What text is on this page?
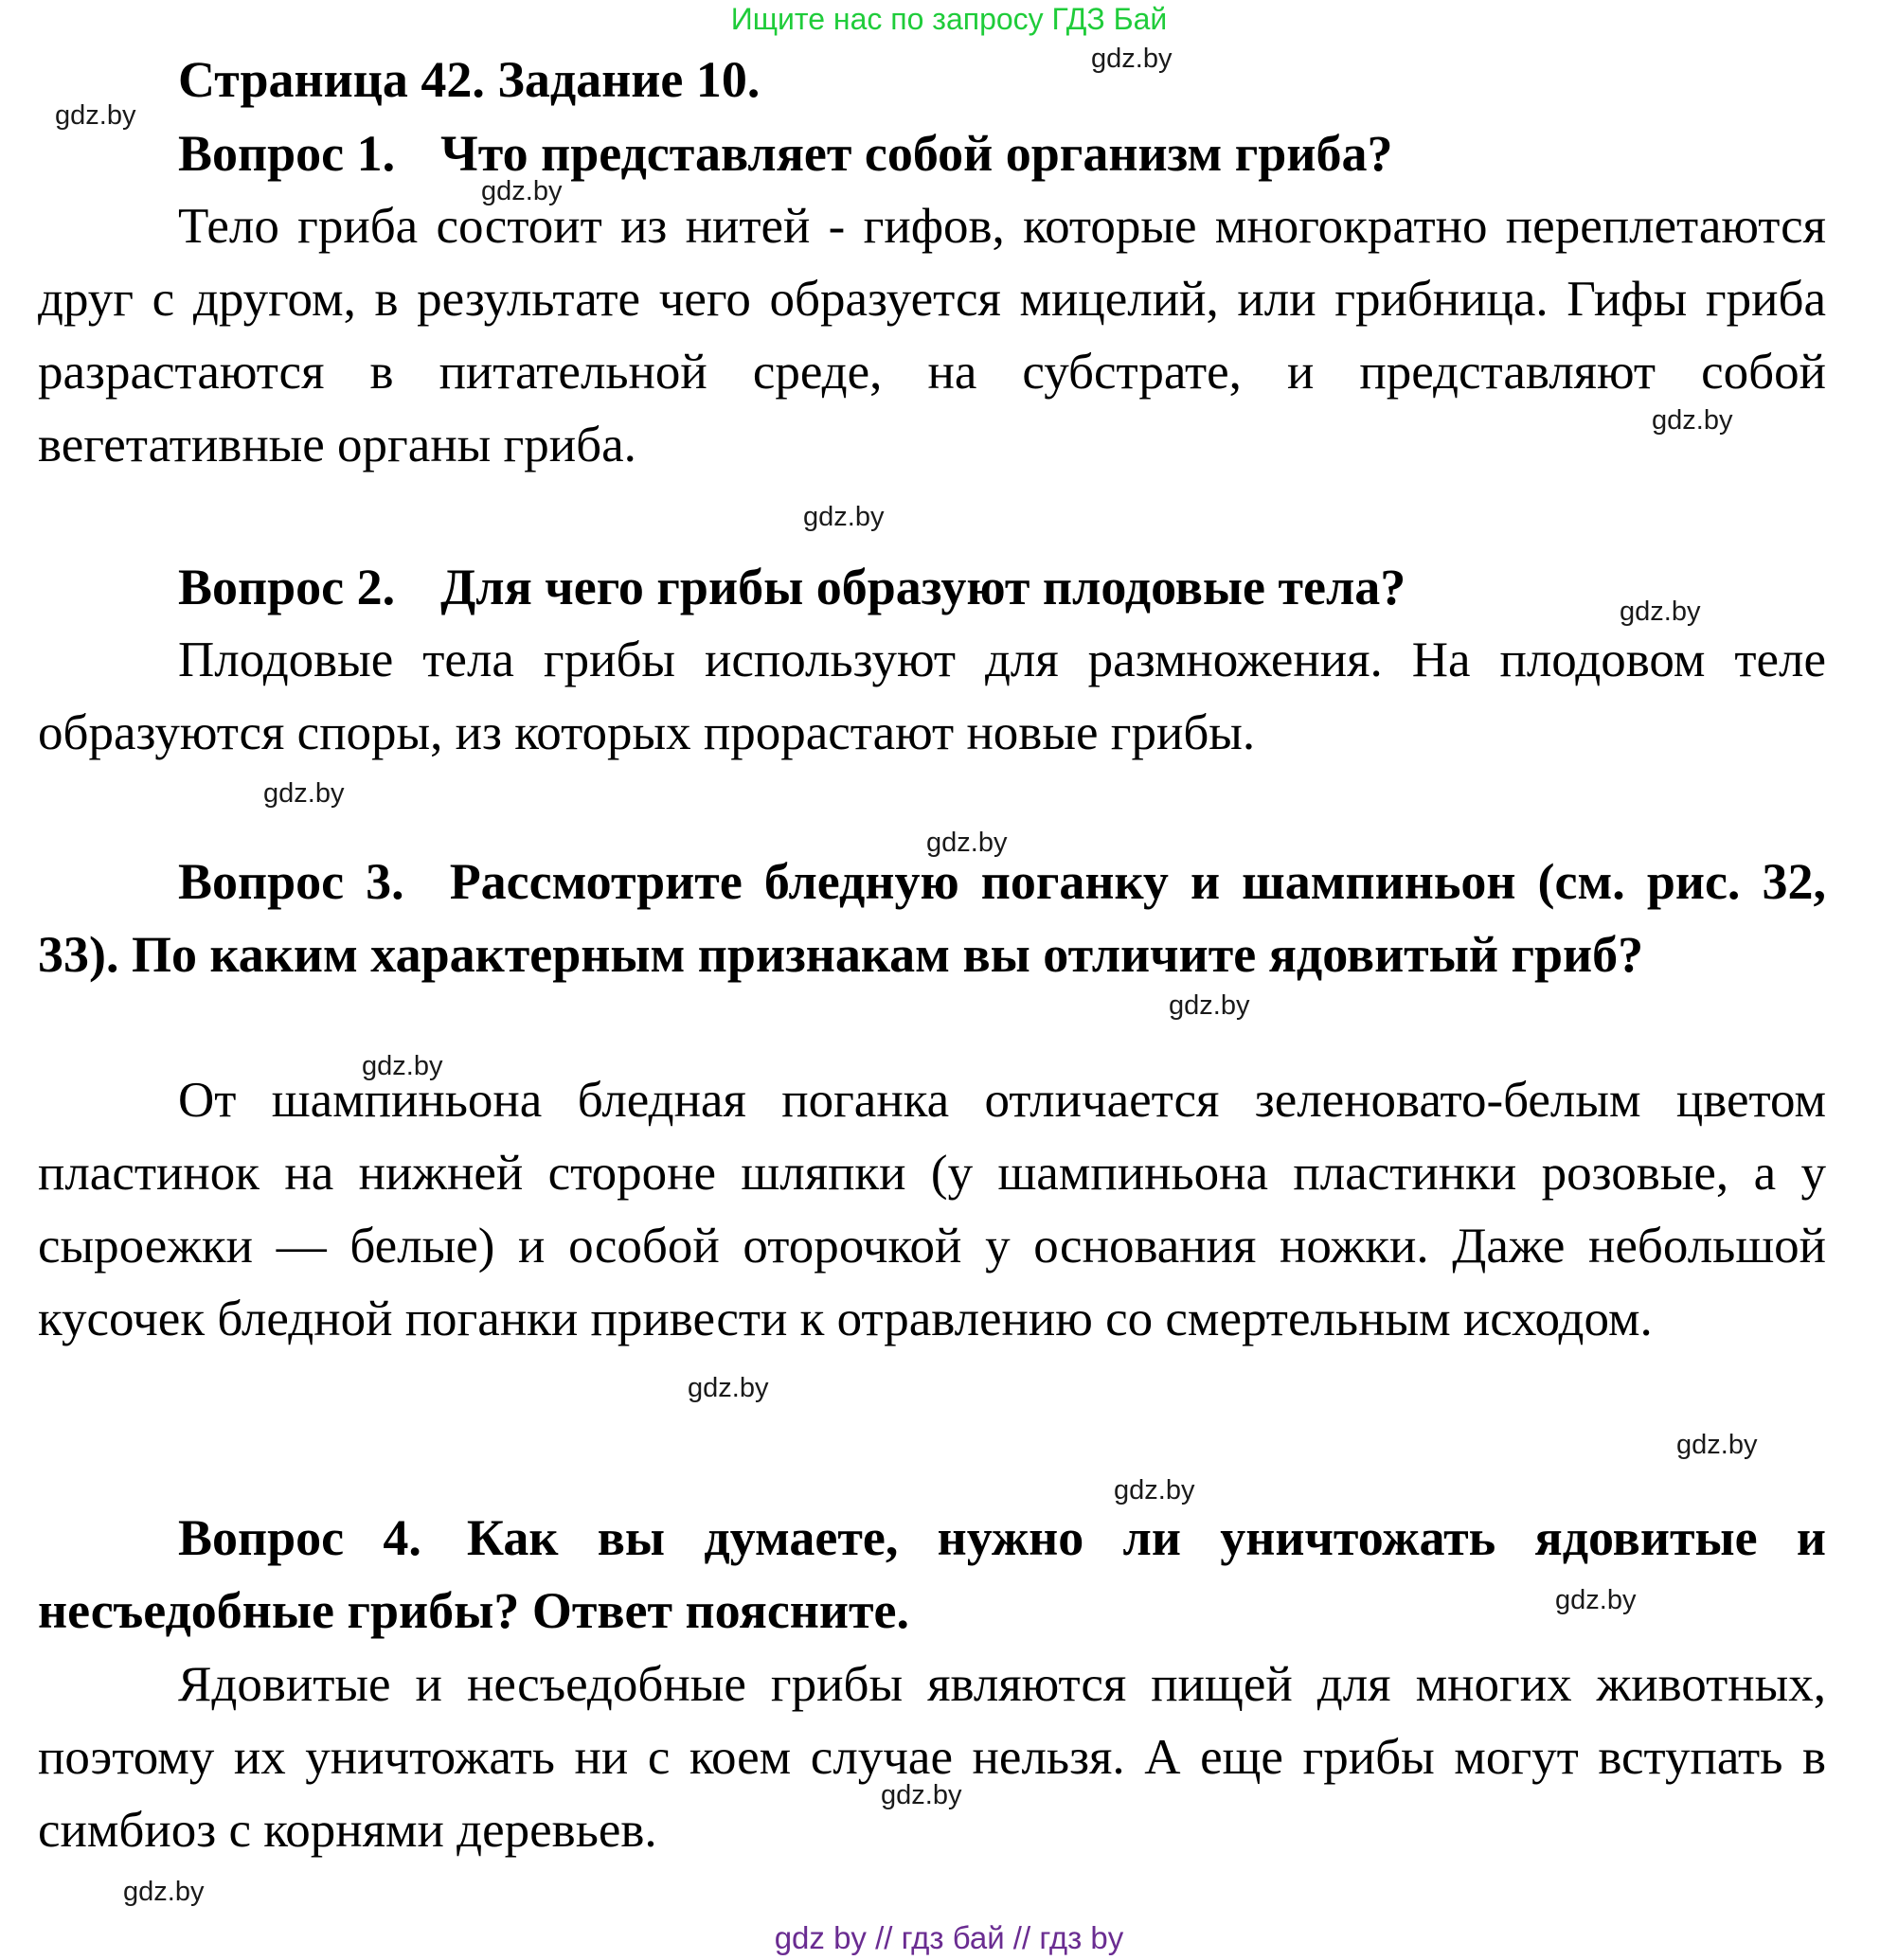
Ищите нас по запросу ГДЗ Бай
Страница 42. Задание 10.
Вопрос 1. Что представляет собой организм гриба?
Тело гриба состоит из нитей - гифов, которые многократно переплетаются друг с другом, в результате чего образуется мицелий, или грибница. Гифы гриба разрастаются в питательной среде, на субстрате, и представляют собой вегетативные органы гриба.
Вопрос 2. Для чего грибы образуют плодовые тела?
Плодовые тела грибы используют для размножения. На плодовом теле образуются споры, из которых прорастают новые грибы.
Вопрос 3. Рассмотрите бледную поганку и шампиньон (см. рис. 32, 33). По каким характерным признакам вы отличите ядовитый гриб?
От шампиньона бледная поганка отличается зеленовато-белым цветом пластинок на нижней стороне шляпки (у шампиньона пластинки розовые, а у сыроежки — белые) и особой оторочкой у основания ножки. Даже небольшой кусочек бледной поганки привести к отравлению со смертельным исходом.
Вопрос 4. Как вы думаете, нужно ли уничтожать ядовитые и несъедобные грибы? Ответ поясните.
Ядовитые и несъедобные грибы являются пищей для многих животных, поэтому их уничтожать ни с коем случае нельзя. А еще грибы могут вступать в симбиоз с корнями деревьев.
gdz.by
gdz.by
gdz.by
gdz.by
gdz.by
gdz.by
gdz.by
gdz.by
gdz.by
gdz.by
gdz.by
gdz.by
gdz.by
gdz.by
gdz.by
gdz.by
gdz by // гдз бай // гдз by
